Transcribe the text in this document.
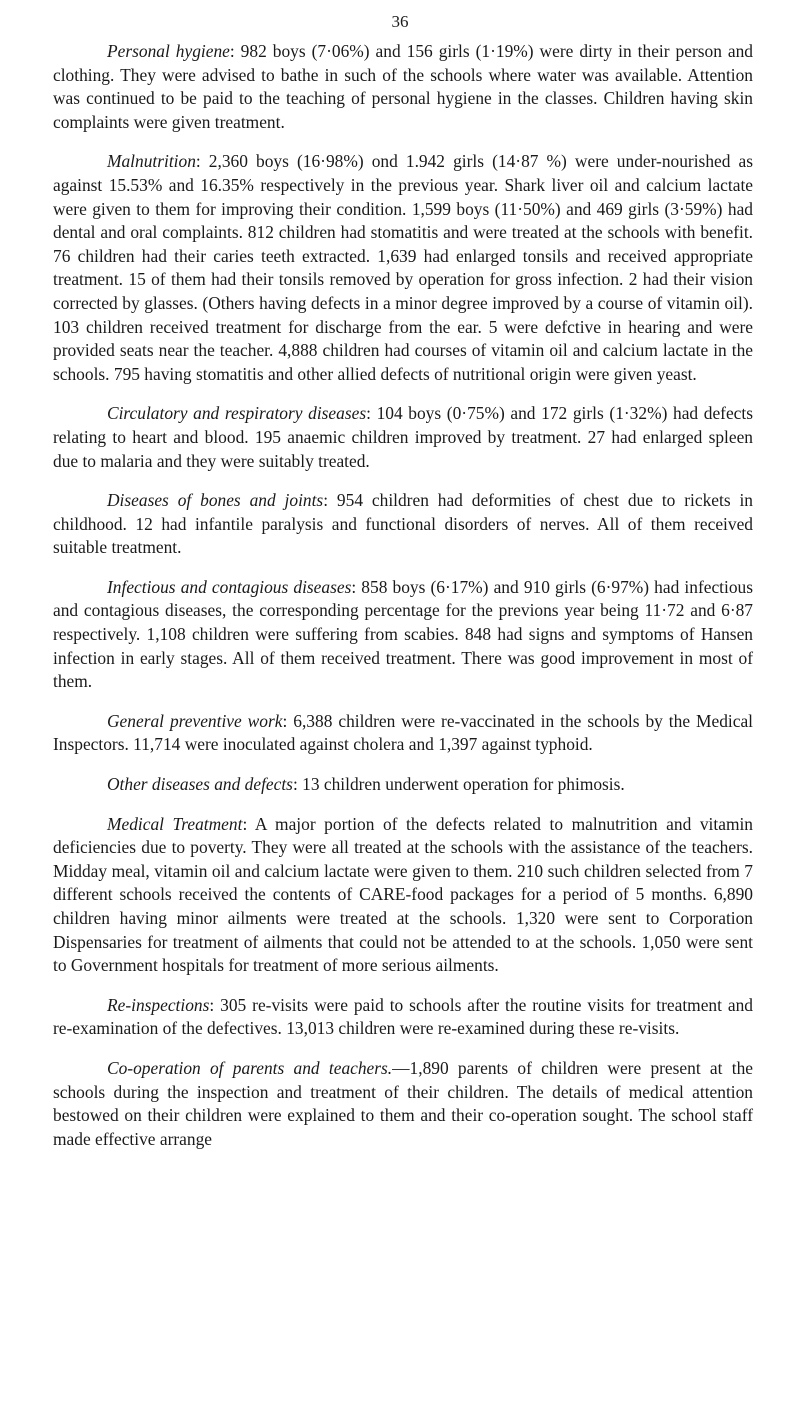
36

Personal hygiene: 982 boys (7·06%) and 156 girls (1·19%) were dirty in their person and clothing. They were advised to bathe in such of the schools where water was available. Attention was continued to be paid to the teaching of personal hygiene in the classes. Children having skin complaints were given treatment.

Malnutrition: 2,360 boys (16·98%) ond 1.942 girls (14·87 %) were under-nourished as against 15.53% and 16.35% respectively in the previous year. Shark liver oil and calcium lactate were given to them for improving their condition. 1,599 boys (11·50%) and 469 girls (3·59%) had dental and oral complaints. 812 children had stomatitis and were treated at the schools with benefit. 76 children had their caries teeth extracted. 1,639 had enlarged tonsils and received appropriate treatment. 15 of them had their tonsils removed by operation for gross infection. 2 had their vision corrected by glasses. (Others having defects in a minor degree improved by a course of vitamin oil). 103 children received treatment for discharge from the ear. 5 were defctive in hearing and were provided seats near the teacher. 4,888 children had courses of vitamin oil and calcium lactate in the schools. 795 having stomatitis and other allied defects of nutritional origin were given yeast.

Circulatory and respiratory diseases: 104 boys (0·75%) and 172 girls (1·32%) had defects relating to heart and blood. 195 anaemic children improved by treatment. 27 had enlarged spleen due to malaria and they were suitably treated.

Diseases of bones and joints: 954 children had deformities of chest due to rickets in childhood. 12 had infantile paralysis and functional disorders of nerves. All of them received suitable treatment.

Infectious and contagious diseases: 858 boys (6·17%) and 910 girls (6·97%) had infectious and contagious diseases, the corresponding percentage for the previons year being 11·72 and 6·87 respectively. 1,108 children were suffering from scabies. 848 had signs and symptoms of Hansen infection in early stages. All of them received treatment. There was good improvement in most of them.

General preventive work: 6,388 children were re-vaccinated in the schools by the Medical Inspectors. 11,714 were inoculated against cholera and 1,397 against typhoid.

Other diseases and defects: 13 children underwent operation for phimosis.

Medical Treatment: A major portion of the defects related to malnutrition and vitamin deficiencies due to poverty. They were all treated at the schools with the assistance of the teachers. Midday meal, vitamin oil and calcium lactate were given to them. 210 such children selected from 7 different schools received the contents of CARE-food packages for a period of 5 months. 6,890 children having minor ailments were treated at the schools. 1,320 were sent to Corporation Dispensaries for treatment of ailments that could not be attended to at the schools. 1,050 were sent to Government hospitals for treatment of more serious ailments.

Re-inspections: 305 re-visits were paid to schools after the routine visits for treatment and re-examination of the defectives. 13,013 children were re-examined during these re-visits.

Co-operation of parents and teachers.—1,890 parents of children were present at the schools during the inspection and treatment of their children. The details of medical attention bestowed on their children were explained to them and their co-operation sought. The school staff made effective arrange
